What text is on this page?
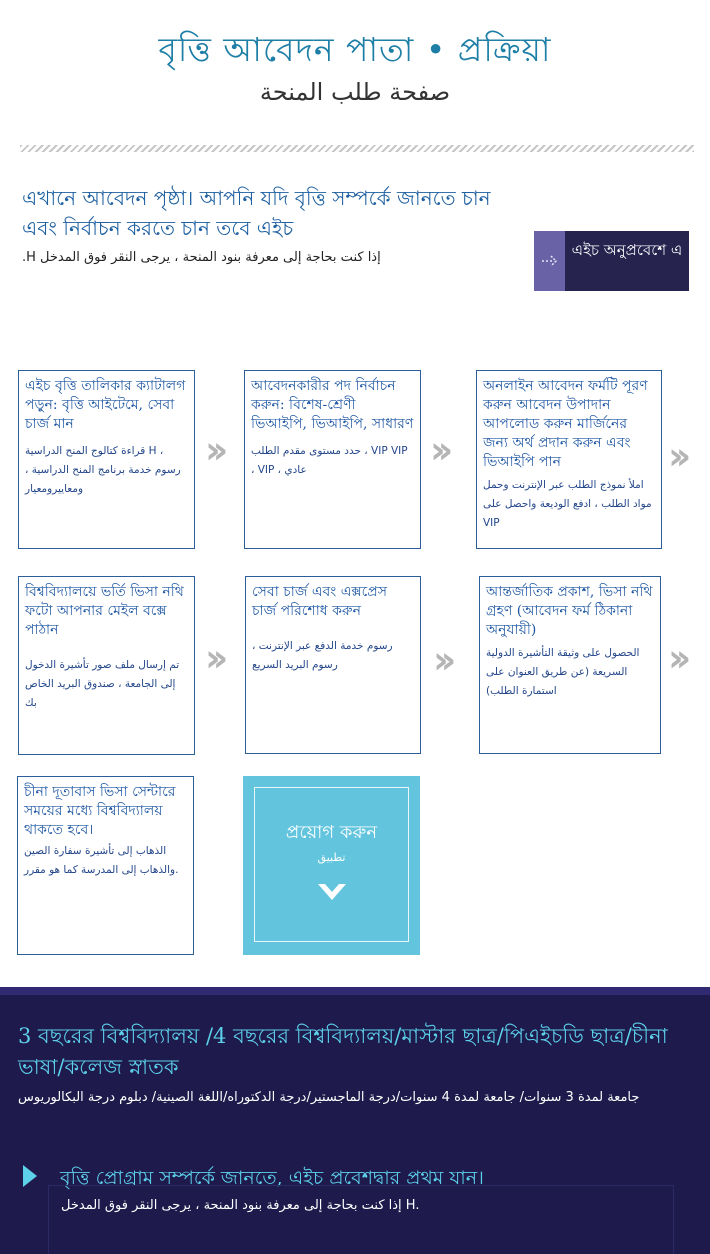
বৃত্তি আবেদন পাতা • প্রক্রিয়া
صفحة طلب المنحة
এখানে আবেদন পৃষ্ঠা। আপনি যদি বৃত্তি সম্পর্কে জানতে চান এবং নির্বাচন করতে চান তবে এইচ
إذا كنت بحاجة إلى معرفة بنود المنحة ، يرجى النقر فوق المدخل H.	এইচ অনুপ্রবেশে এ
এইচ বৃত্তি তালিকার ক্যাটালগ পড়ুন: বৃত্তি আইটেমে, সেবা চার্জ মান
قراءة كتالوج المنح الدراسية H ، رسوم خدمة برنامج المنح الدراسية ، ومعاييرومعيار
››
আবেদনকারীর পদ নির্বাচন করুন: বিশেষ-শ্রেণী ভিআইপি, ভিআইপি, সাধারণ
حدد مستوى مقدم الطلب ، VIP VIP ، VIP ، عادي	››
অনলাইন আবেদন ফর্মটি পূরণ করুন আবেদন উপাদান আপলোড করুন মার্জিনের জন্য অর্থ প্রদান করুন এবং ভিআইপি পান
املأ نموذج الطلب عبر الإنترنت وحمل مواد الطلب ، ادفع الوديعة واحصل على VIP
››
বিশ্ববিদ্যালয়ে ভর্তি ভিসা নথি ফটো আপনার মেইল বক্সে পাঠান
تم إرسال ملف صور تأشيرة الدخول إلى الجامعة ، صندوق البريد الخاص بك
››
সেবা চার্জ এবং এক্সপ্রেস চার্জ পরিশোধ করুন
رسوم خدمة الدفع عبر الإنترنت ، رسوم البريد السريع	››
আন্তর্জাতিক প্রকাশ, ভিসা নথি গ্রহণ (আবেদন ফর্ম ঠিকানা অনুযায়ী)
الحصول على وثيقة التأشيرة الدولية السريعة (عن طريق العنوان على استمارة الطلب)
››
চীনা দূতাবাস ভিসা সেন্টারে সময়ের মধ্যে বিশ্ববিদ্যালয় থাকতে হবে।
الذهاب إلى تأشيرة سفارة الصين والذهاب إلى المدرسة كما هو مقرر.
প্রয়োগ করুন
تطبيق
3 বছরের বিশ্ববিদ্যালয় /4 বছরের বিশ্ববিদ্যালয়/মাস্টার ছাত্র/পিএইচডি ছাত্র/চীনা ভাষা/কলেজ স্নাতক
جامعة لمدة 3 سنوات/ جامعة لمدة 4 سنوات/درجة الماجستير/درجة الدكتوراه/اللغة الصينية/ دبلوم درجة البكالوريوس
বৃত্তি প্রোগ্রাম সম্পর্কে জানতে, এইচ প্রবেশদ্বার প্রথম যান।
إذا كنت بحاجة إلى معرفة بنود المنحة ، يرجى النقر فوق المدخل H.
